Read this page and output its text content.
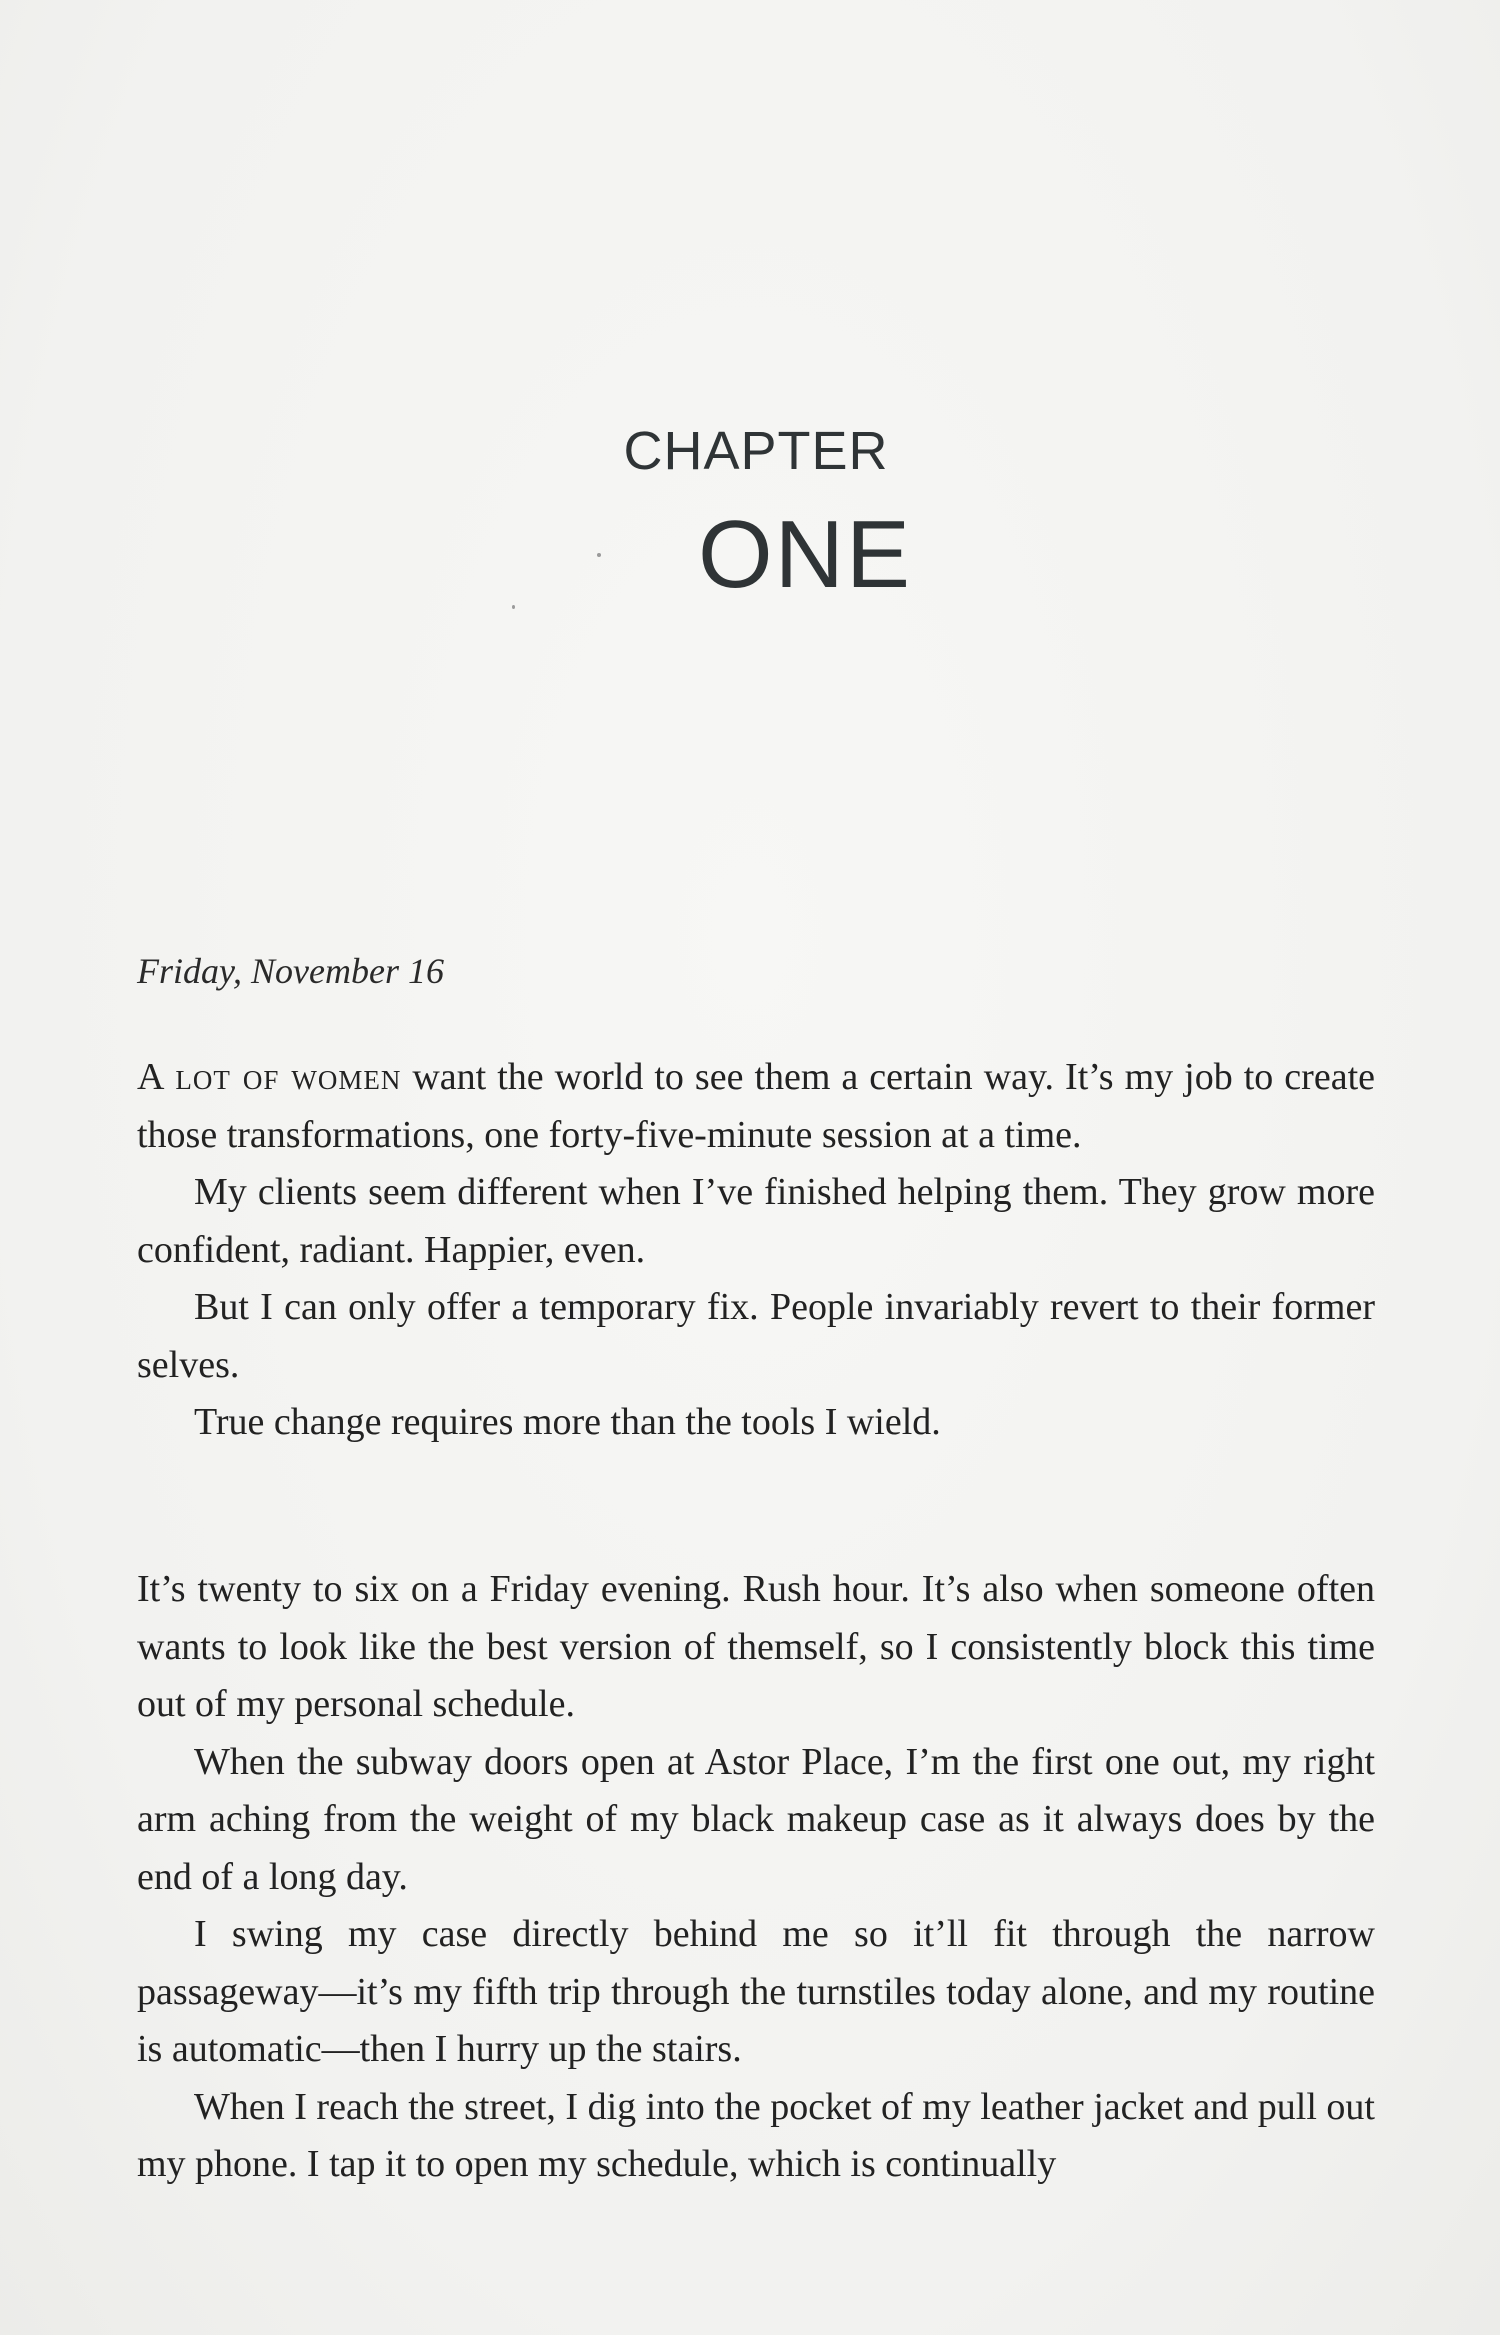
CHAPTER
ONE
Friday, November 16

A lot of women want the world to see them a certain way. It’s my job to create those transformations, one forty-five-minute session at a time.

My clients seem different when I’ve finished helping them. They grow more confident, radiant. Happier, even.

But I can only offer a temporary fix. People invariably revert to their former selves.

True change requires more than the tools I wield.

It’s twenty to six on a Friday evening. Rush hour. It’s also when someone often wants to look like the best version of themself, so I consistently block this time out of my personal schedule.

When the subway doors open at Astor Place, I’m the first one out, my right arm aching from the weight of my black makeup case as it always does by the end of a long day.

I swing my case directly behind me so it’ll fit through the narrow passageway—it’s my fifth trip through the turnstiles today alone, and my routine is automatic—then I hurry up the stairs.

When I reach the street, I dig into the pocket of my leather jacket and pull out my phone. I tap it to open my schedule, which is continually
